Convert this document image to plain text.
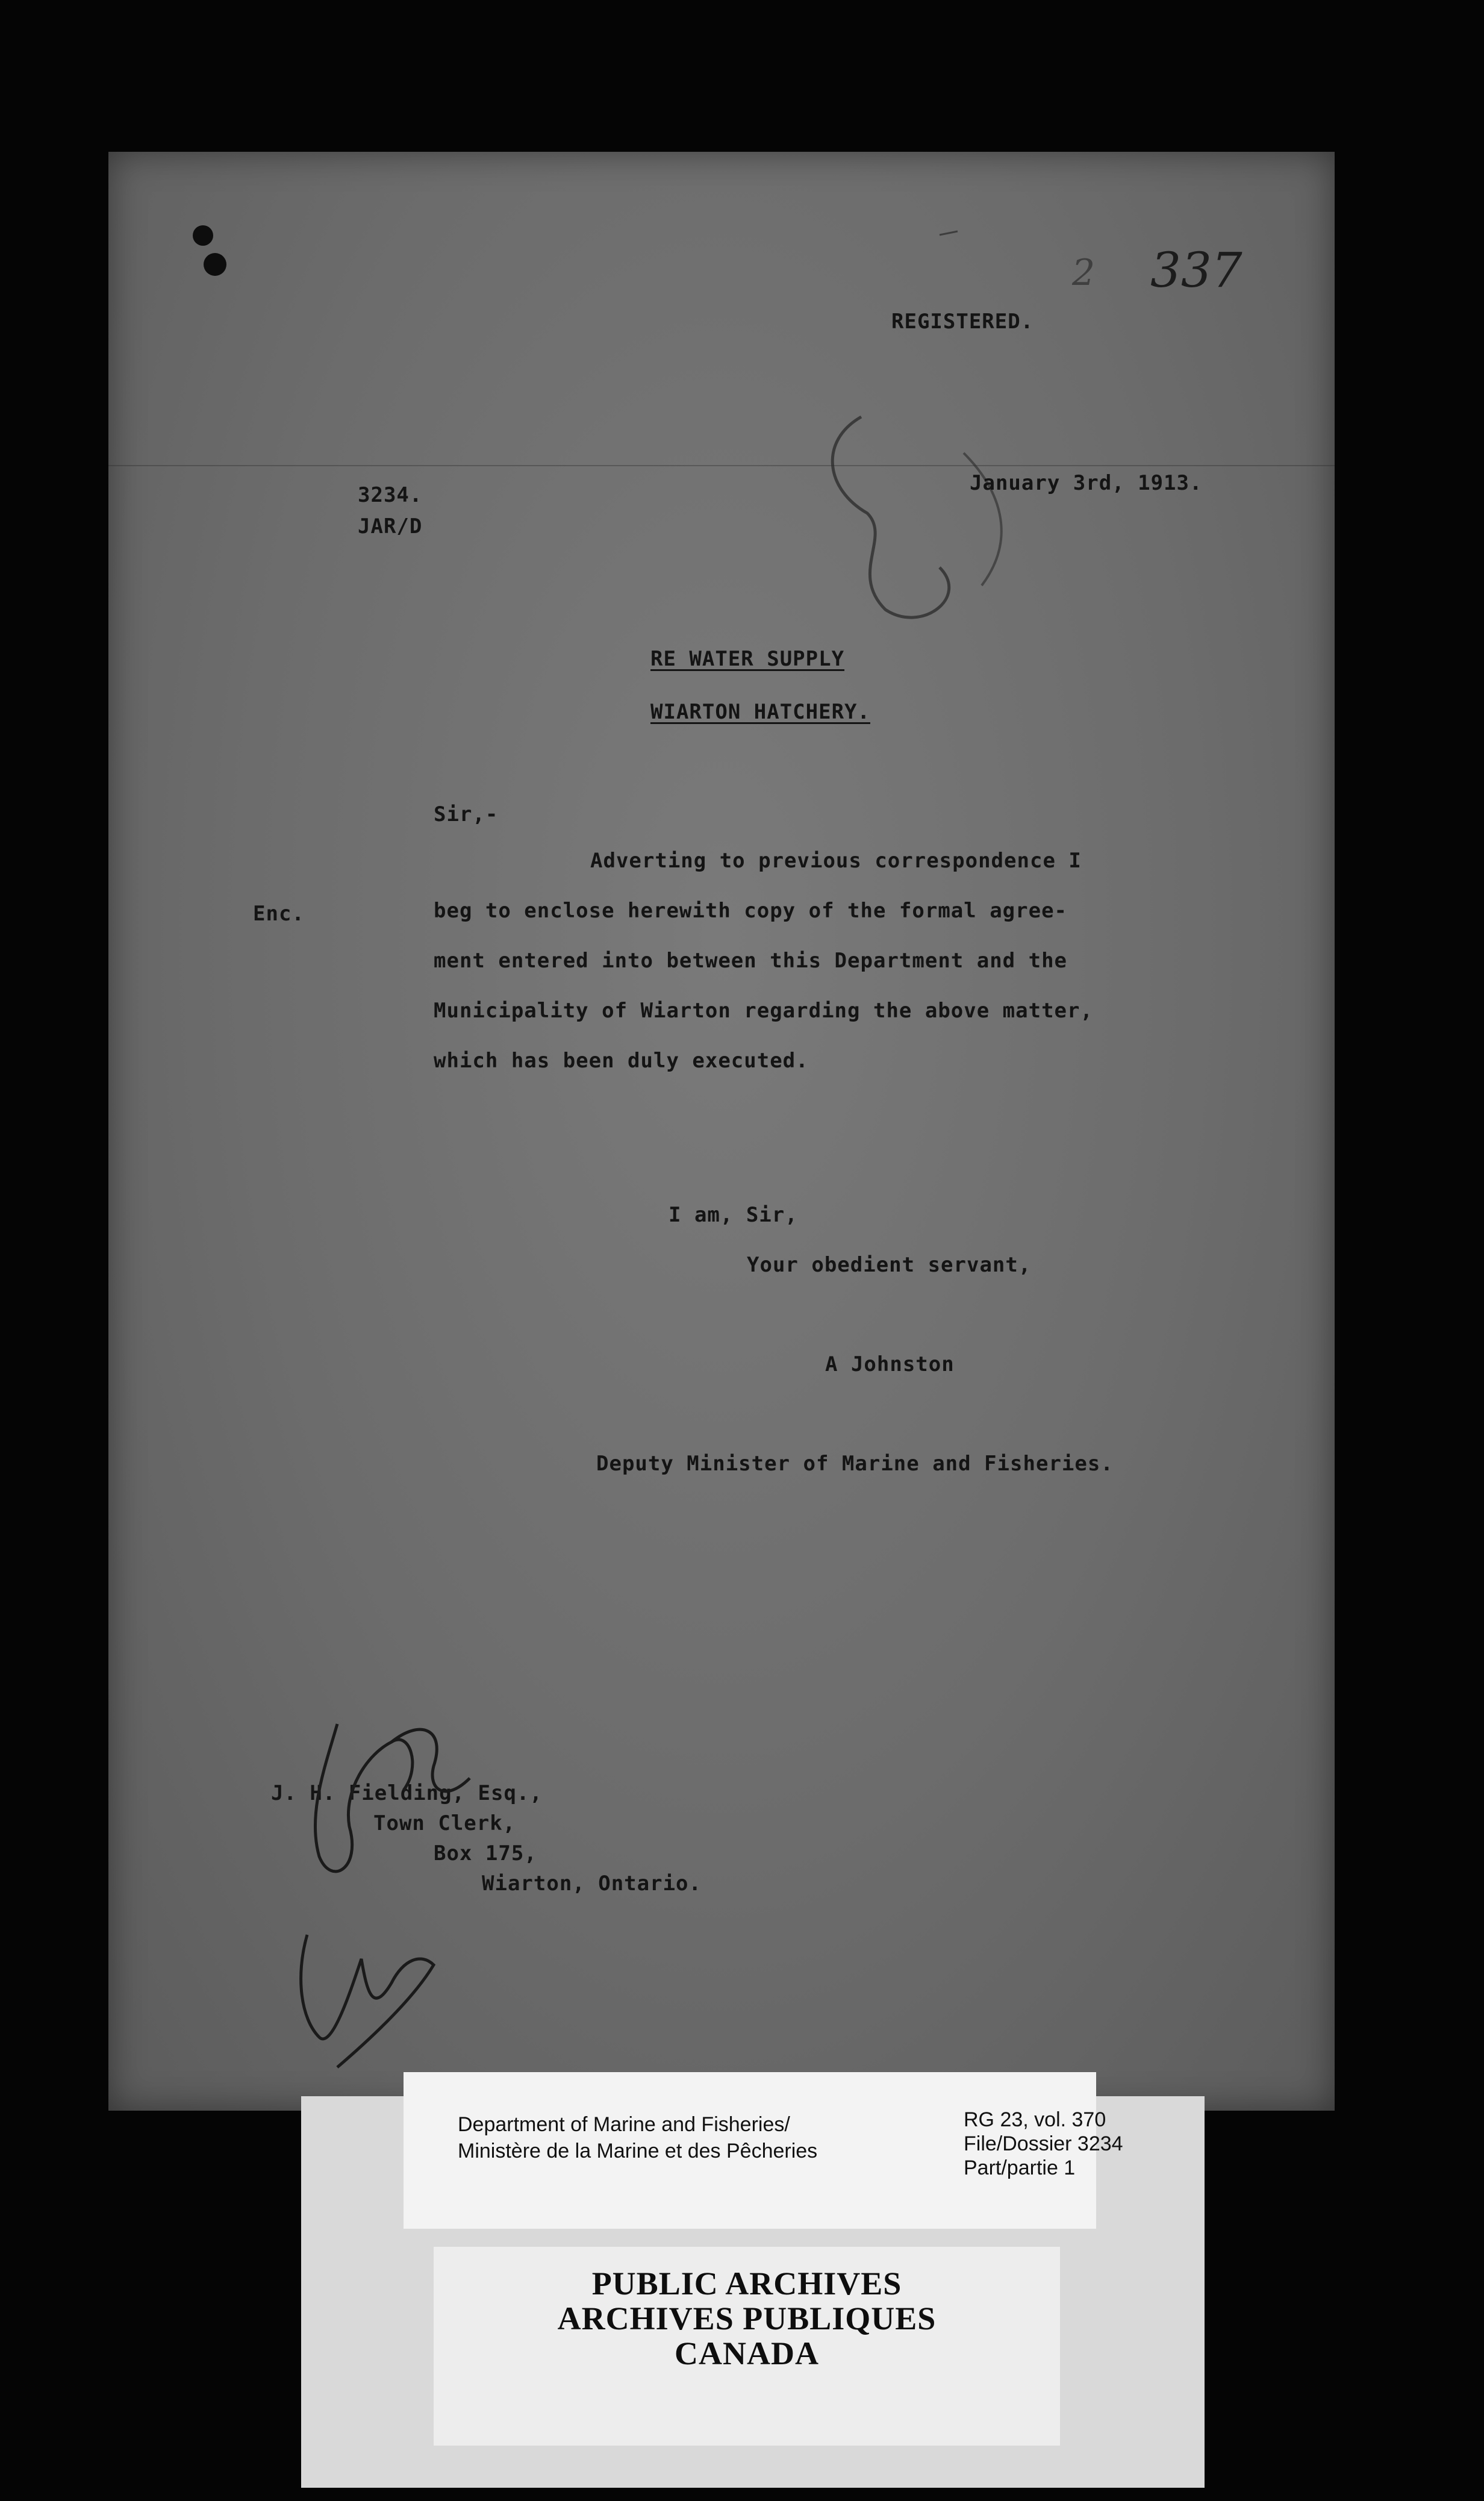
2 337
REGISTERED.
3234.
JAR/D
January 3rd, 1913.
RE WATER SUPPLY
WIARTON HATCHERY.
Sir,-
Enc.
Adverting to previous correspondence I
beg to enclose herewith copy of the formal agree-
ment entered into between this Department and the
Municipality of Wiarton regarding the above matter,
which has been duly executed.
I am, Sir,
Your obedient servant,
A Johnston
Deputy Minister of Marine and Fisheries.
J. H. Fielding, Esq.,
Town Clerk,
Box 175,
Wiarton, Ontario.
Department of Marine and Fisheries/
Ministère de la Marine et des Pêcheries
RG 23, vol. 370
File/Dossier 3234
Part/partie 1
PUBLIC ARCHIVES
ARCHIVES PUBLIQUES
CANADA
